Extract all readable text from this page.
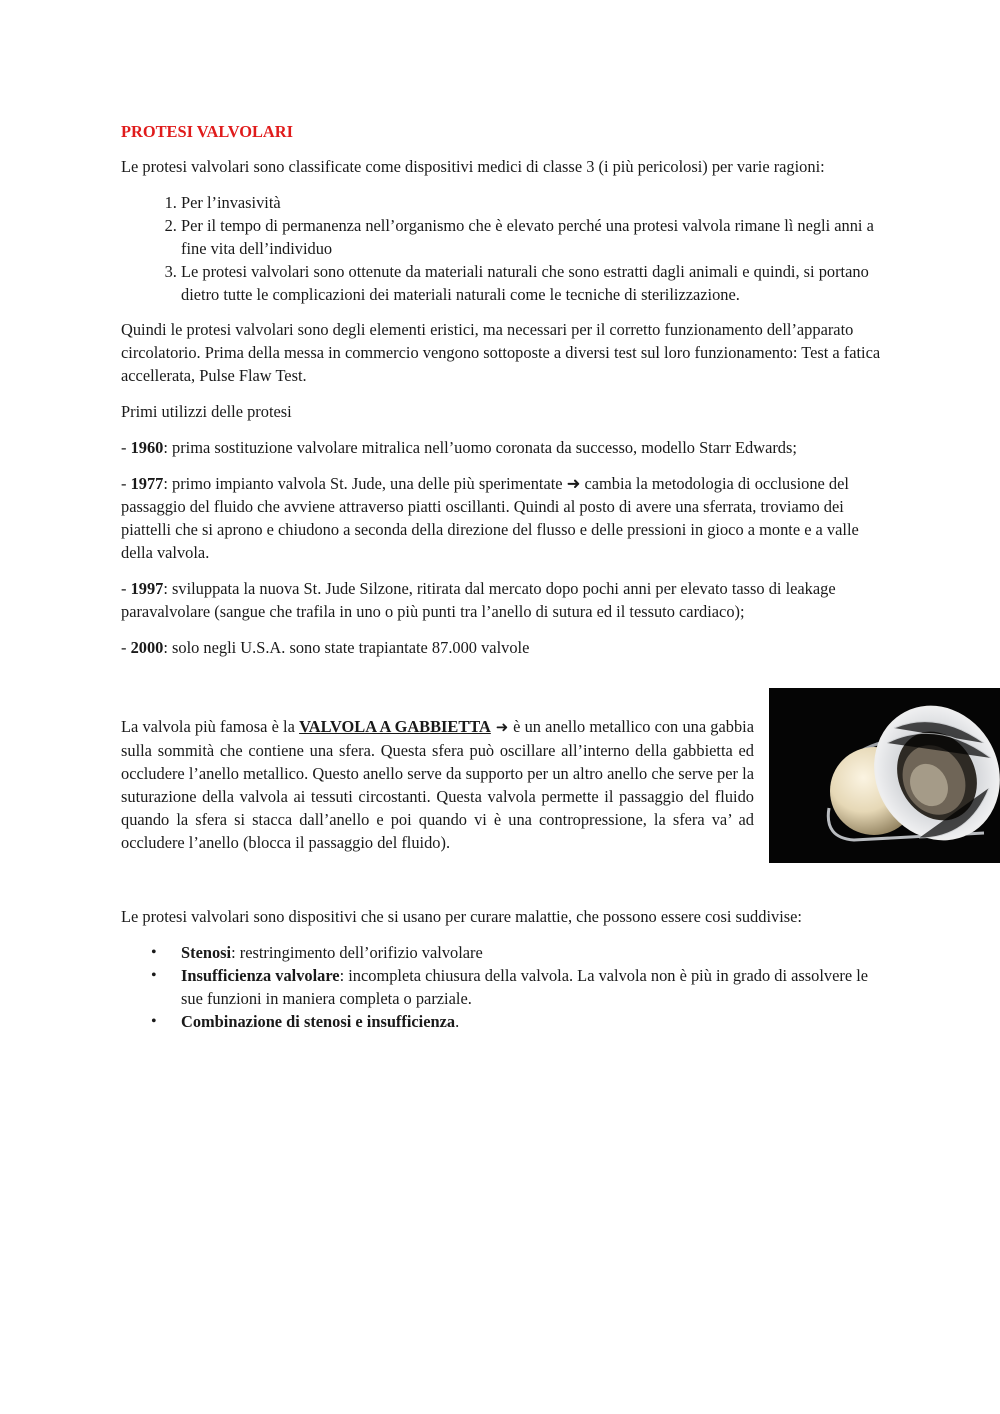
PROTESI VALVOLARI

Le protesi valvolari sono classificate come dispositivi medici di classe 3 (i più pericolosi) per varie ragioni:

1. Per l’invasività
2. Per il tempo di permanenza nell’organismo che è elevato perché una protesi valvola rimane lì negli anni a fine vita dell’individuo
3. Le protesi valvolari sono ottenute da materiali naturali che sono estratti dagli animali e quindi, si portano dietro tutte le complicazioni dei materiali naturali come le tecniche di sterilizzazione.

Quindi le protesi valvolari sono degli elementi eristici, ma necessari per il corretto funzionamento dell’apparato circolatorio. Prima della messa in commercio vengono sottoposte a diversi test sul loro funzionamento: Test a fatica accellerata, Pulse Flaw Test.

Primi utilizzi delle protesi

- 1960: prima sostituzione valvolare mitralica nell’uomo coronata da successo, modello Starr Edwards;
- 1977: primo impianto valvola St. Jude, una delle più sperimentate ➜ cambia la metodologia di occlusione del passaggio del fluido che avviene attraverso piatti oscillanti. Quindi al posto di avere una sferrata, troviamo dei piattelli che si aprono e chiudono a seconda della direzione del flusso e delle pressioni in gioco a monte e a valle della valvola.
- 1997: sviluppata la nuova St. Jude Silzone, ritirata dal mercato dopo pochi anni per elevato tasso di leakage paravalvolare (sangue che trafila in uno o più punti tra l’anello di sutura ed il tessuto cardiaco);
- 2000: solo negli U.S.A. sono state trapiantate 87.000 valvole
La valvola più famosa è la VALVOLA A GABBIETTA ➜ è un anello metallico con una gabbia sulla sommità che contiene una sfera. Questa sfera può oscillare all’interno della gabbietta ed occludere l’anello metallico. Questo anello serve da supporto per un altro anello che serve per la suturazione della valvola ai tessuti circostanti. Questa valvola permette il passaggio del fluido quando la sfera si stacca dall’anello e poi quando vi è una contropressione, la sfera va’ ad occludere l’anello (blocca il passaggio del fluido).

Le protesi valvolari sono dispositivi che si usano per curare malattie, che possono essere cosi suddivise:

• Stenosi: restringimento dell’orifizio valvolare
• Insufficienza valvolare: incompleta chiusura della valvola. La valvola non è più in grado di assolvere le sue funzioni in maniera completa o parziale.
• Combinazione di stenosi e insufficienza.
